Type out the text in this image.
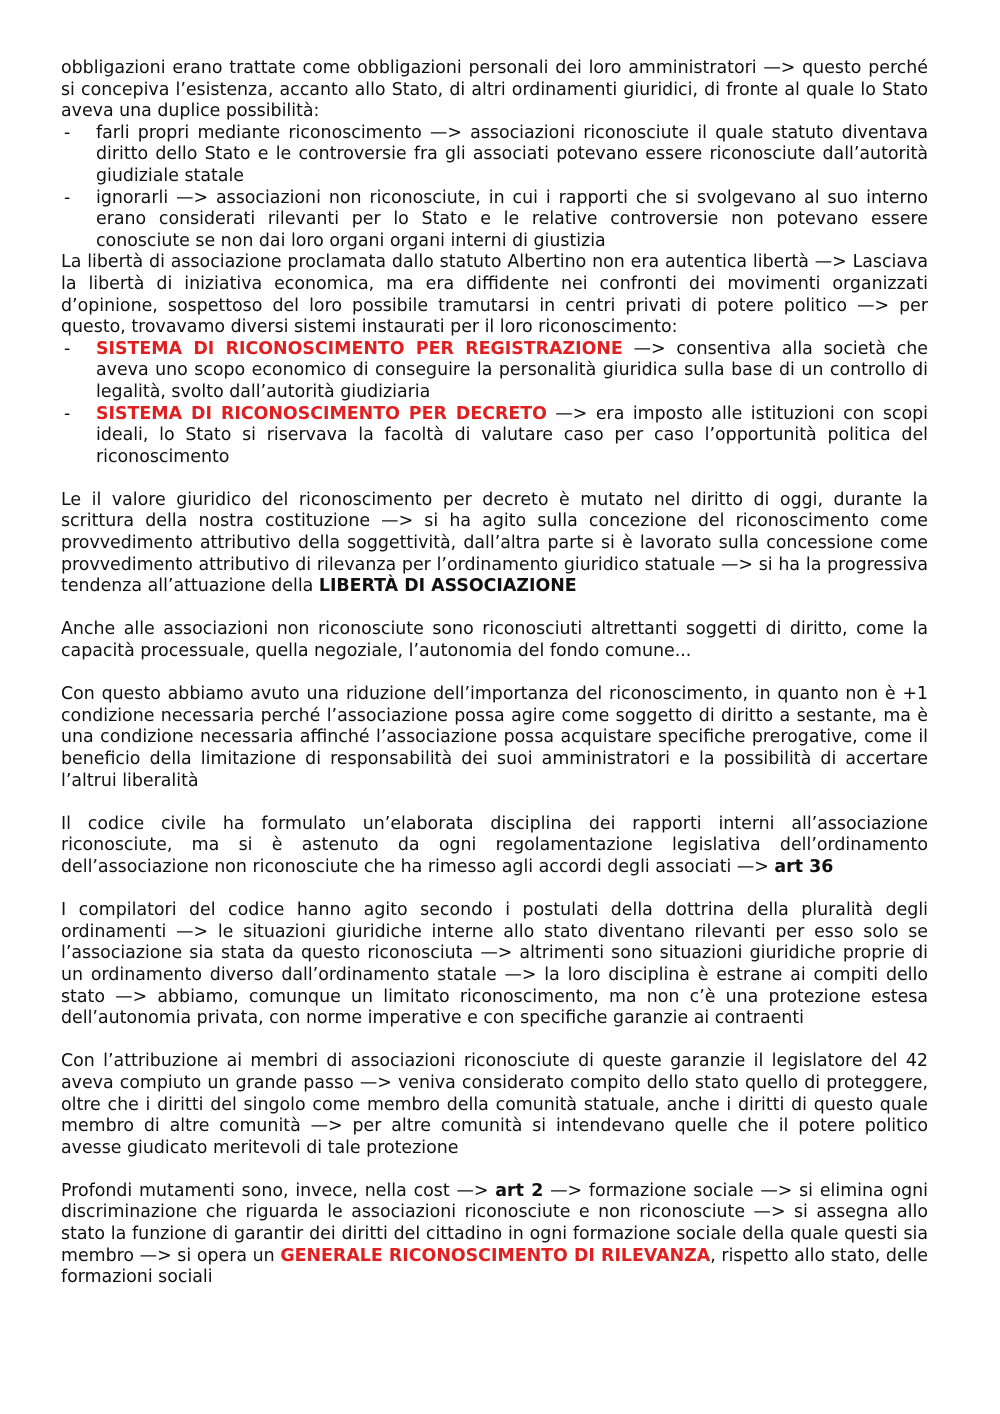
obbligazioni erano trattate come obbligazioni personali dei loro amministratori —> questo perché si concepiva l’esistenza, accanto allo Stato, di altri ordinamenti giuridici, di fronte al quale lo Stato aveva una duplice possibilità:

- farli propri mediante riconoscimento —> associazioni riconosciute il quale statuto diventava diritto dello Stato e le controversie fra gli associati potevano essere riconosciute dall’autorità giudiziale statale
- ignorarli —> associazioni non riconosciute, in cui i rapporti che si svolgevano al suo interno erano considerati rilevanti per lo Stato e le relative controversie non potevano essere conosciute se non dai loro organi organi interni di giustizia

La libertà di associazione proclamata dallo statuto Albertino non era autentica libertà —> Lasciava la libertà di iniziativa economica, ma era diffidente nei confronti dei movimenti organizzati d’opinione, sospettoso del loro possibile tramutarsi in centri privati di potere politico —> per questo, trovavamo diversi sistemi instaurati per il loro riconoscimento:

- SISTEMA DI RICONOSCIMENTO PER REGISTRAZIONE —> consentiva alla società che aveva uno scopo economico di conseguire la personalità giuridica sulla base di un controllo di legalità, svolto dall’autorità giudiziaria
- SISTEMA DI RICONOSCIMENTO PER DECRETO —> era imposto alle istituzioni con scopi ideali, lo Stato si riservava la facoltà di valutare caso per caso l’opportunità politica del riconoscimento

Le il valore giuridico del riconoscimento per decreto è mutato nel diritto di oggi, durante la scrittura della nostra costituzione —> si ha agito sulla concezione del riconoscimento come provvedimento attributivo della soggettività, dall’altra parte si è lavorato sulla concessione come provvedimento attributivo di rilevanza per l’ordinamento giuridico statuale —> si ha la progressiva tendenza all’attuazione della LIBERTÀ DI ASSOCIAZIONE

Anche alle associazioni non riconosciute sono riconosciuti altrettanti soggetti di diritto, come la capacità processuale, quella negoziale, l’autonomia del fondo comune...

Con questo abbiamo avuto una riduzione dell’importanza del riconoscimento, in quanto non è +1 condizione necessaria perché l’associazione possa agire come soggetto di diritto a sestante, ma è una condizione necessaria affinché l’associazione possa acquistare specifiche prerogative, come il beneficio della limitazione di responsabilità dei suoi amministratori e la possibilità di accertare l’altrui liberalità

Il codice civile ha formulato un’elaborata disciplina dei rapporti interni all’associazione riconosciute, ma si è astenuto da ogni regolamentazione legislativa dell’ordinamento dell’associazione non riconosciute che ha rimesso agli accordi degli associati —> art 36

I compilatori del codice hanno agito secondo i postulati della dottrina della pluralità degli ordinamenti —> le situazioni giuridiche interne allo stato diventano rilevanti per esso solo se l’associazione sia stata da questo riconosciuta —> altrimenti sono situazioni giuridiche proprie di un ordinamento diverso dall’ordinamento statale —> la loro disciplina è estrane ai compiti dello stato —> abbiamo, comunque un limitato riconoscimento, ma non c’è una protezione estesa dell’autonomia privata, con norme imperative e con specifiche garanzie ai contraenti

Con l’attribuzione ai membri di associazioni riconosciute di queste garanzie il legislatore del 42 aveva compiuto un grande passo —> veniva considerato compito dello stato quello di proteggere, oltre che i diritti del singolo come membro della comunità statuale, anche i diritti di questo quale membro di altre comunità —> per altre comunità si intendevano quelle che il potere politico avesse giudicato meritevoli di tale protezione

Profondi mutamenti sono, invece, nella cost —> art 2 —> formazione sociale —> si elimina ogni discriminazione che riguarda le associazioni riconosciute e non riconosciute —> si assegna allo stato la funzione di garantir dei diritti del cittadino in ogni formazione sociale della quale questi sia membro —> si opera un GENERALE RICONOSCIMENTO DI RILEVANZA, rispetto allo stato, delle formazioni sociali
